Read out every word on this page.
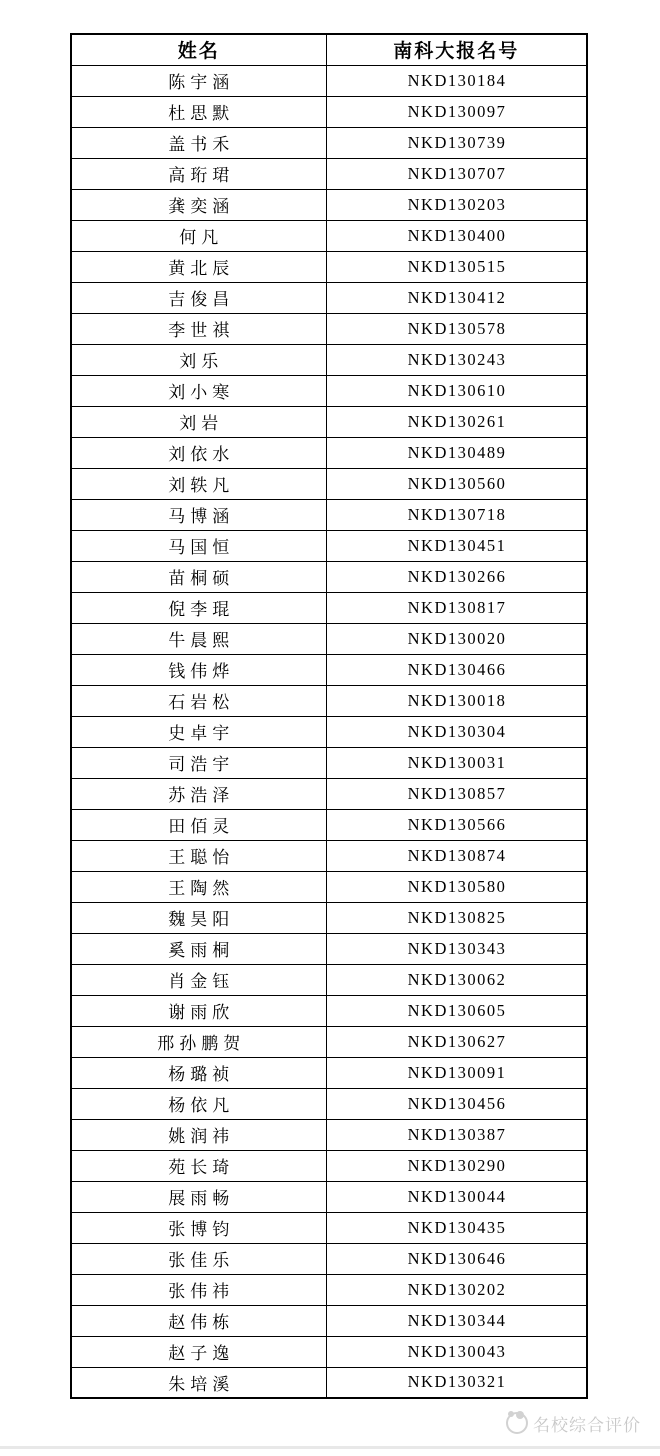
姓名	南科大报名号
陈宇涵	NKD130184
杜思默	NKD130097
盖书禾	NKD130739
高珩珺	NKD130707
龚奕涵	NKD130203
何凡	NKD130400
黄北辰	NKD130515
吉俊昌	NKD130412
李世祺	NKD130578
刘乐	NKD130243
刘小寒	NKD130610
刘岩	NKD130261
刘依水	NKD130489
刘轶凡	NKD130560
马博涵	NKD130718
马国恒	NKD130451
苗桐硕	NKD130266
倪李琨	NKD130817
牛晨熙	NKD130020
钱伟烨	NKD130466
石岩松	NKD130018
史卓宇	NKD130304
司浩宇	NKD130031
苏浩泽	NKD130857
田佰灵	NKD130566
王聪怡	NKD130874
王陶然	NKD130580
魏昊阳	NKD130825
奚雨桐	NKD130343
肖金钰	NKD130062
谢雨欣	NKD130605
邢孙鹏贺	NKD130627
杨璐祯	NKD130091
杨依凡	NKD130456
姚润祎	NKD130387
苑长琦	NKD130290
展雨畅	NKD130044
张博钧	NKD130435
张佳乐	NKD130646
张伟祎	NKD130202
赵伟栋	NKD130344
赵子逸	NKD130043
朱培溪	NKD130321
名校综合评价
